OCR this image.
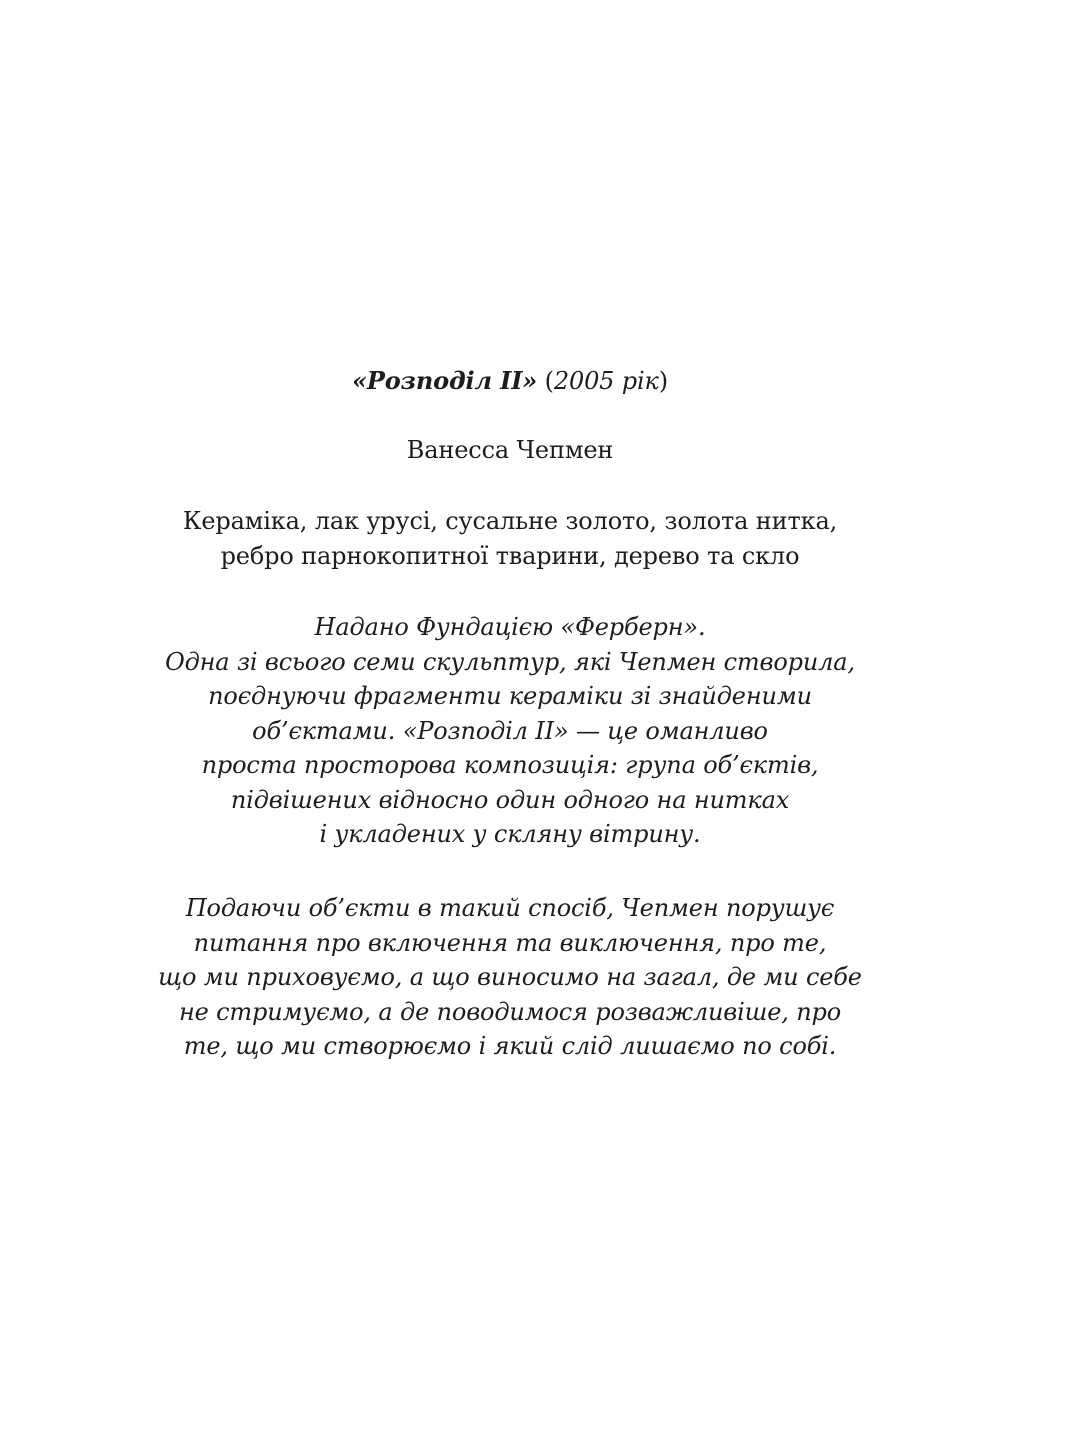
«Розподіл II» (2005 рік)
Ванесса Чепмен
Кераміка, лак урусі, сусальне золото, золота нитка,
ребро парнокопитної тварини, дерево та скло
Надано Фундацією «Ферберн».
Одна зі всього семи скульптур, які Чепмен створила,
поєднуючи фрагменти кераміки зі знайденими
об’єктами. «Розподіл II» — це оманливо
проста просторова композиція: група об’єктів,
підвішених відносно один одного на нитках
і укладених у скляну вітрину.
Подаючи об’єкти в такий спосіб, Чепмен порушує
питання про включення та виключення, про те,
що ми приховуємо, а що виносимо на загал, де ми себе
не стримуємо, а де поводимося розважливіше, про
те, що ми створюємо і який слід лишаємо по собі.
